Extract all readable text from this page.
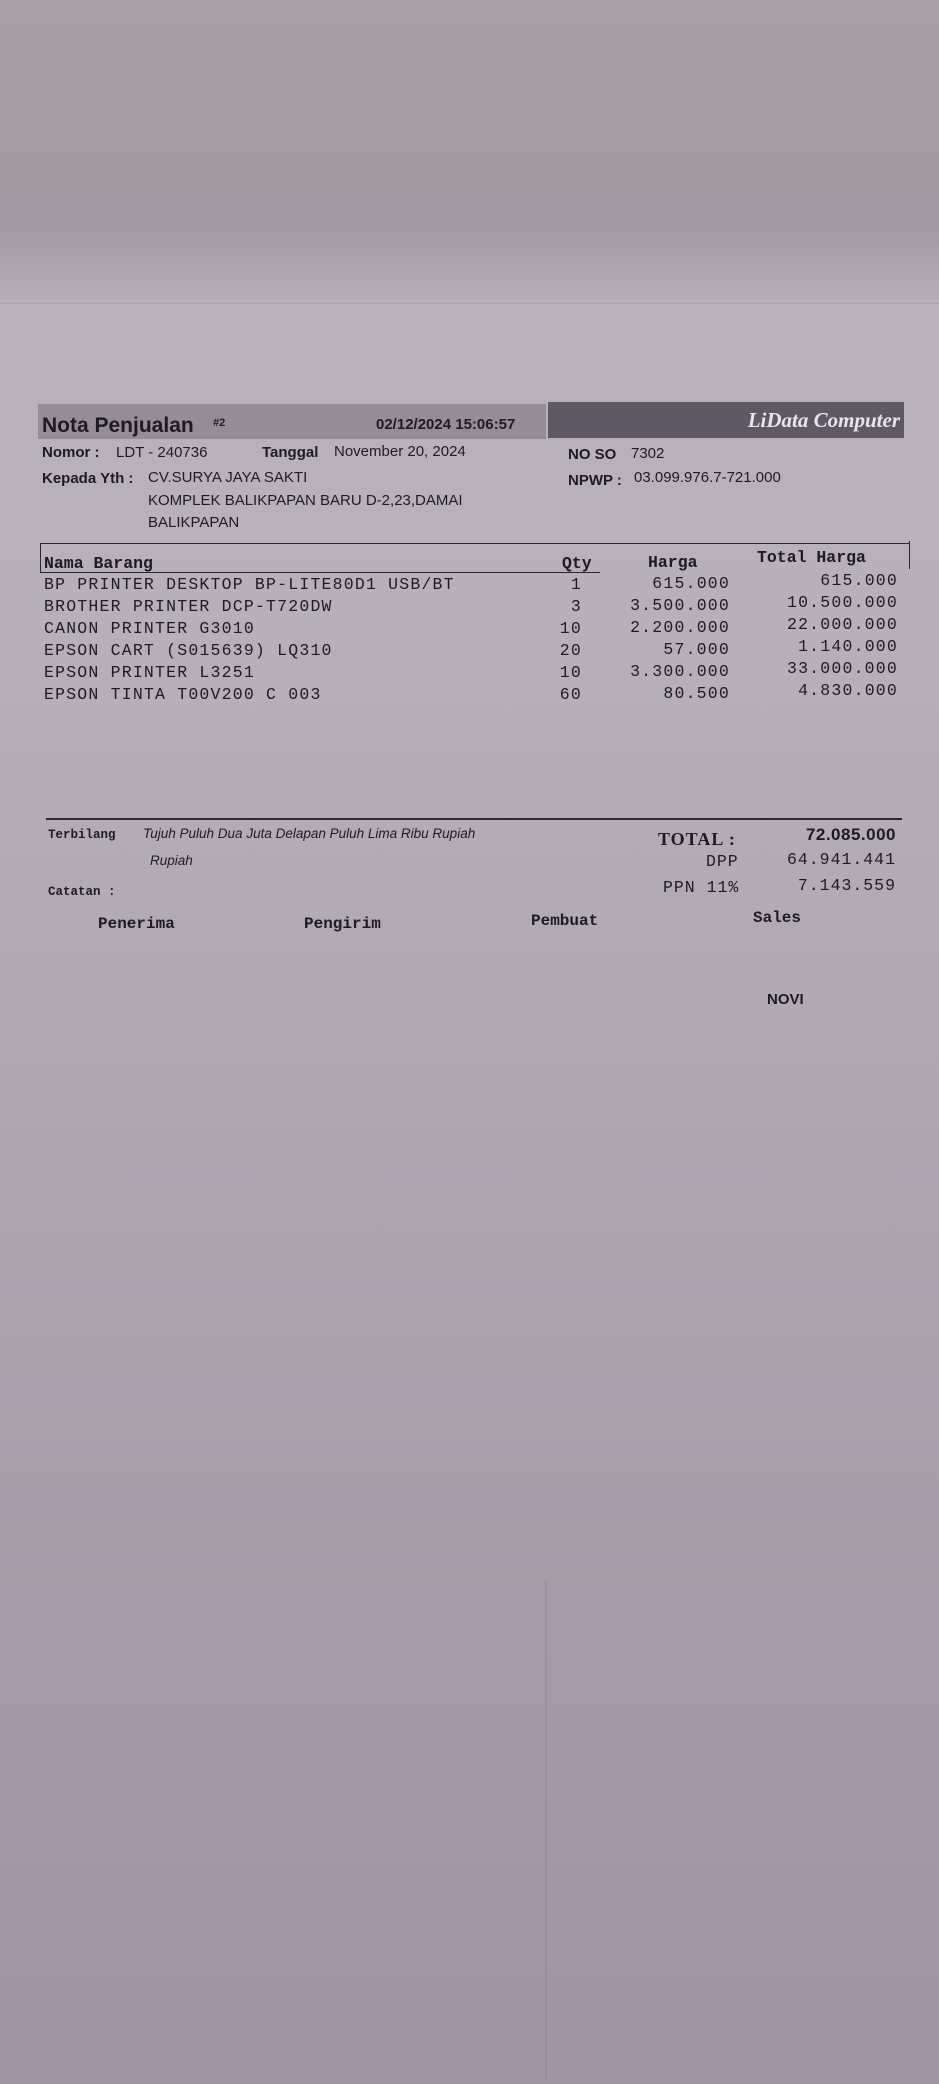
Nota Penjualan #2	02/12/2024 15:06:57	LiData Computer
Nomor : LDT - 240736	Tanggal November 20, 2024	NO SO 7302
Kepada Yth : CV.SURYA JAYA SAKTI
KOMPLEK BALIKPAPAN BARU D-2,23,DAMAI
BALIKPAPAN
NPWP : 03.099.976.7-721.000
Nama Barang	Qty	Harga	Total Harga
BP PRINTER DESKTOP BP-LITE80D1 USB/BT	1	615.000	615.000
BROTHER PRINTER DCP-T720DW	3	3.500.000	10.500.000
CANON PRINTER G3010	10	2.200.000	22.000.000
EPSON CART (S015639) LQ310	20	57.000	1.140.000
EPSON PRINTER L3251	10	3.300.000	33.000.000
EPSON TINTA T00V200 C 003	60	80.500	4.830.000
Terbilang Tujuh Puluh Dua Juta Delapan Puluh Lima Ribu Rupiah
Rupiah
Catatan :
TOTAL :	72.085.000
DPP	64.941.441
PPN 11%	7.143.559
Penerima	Pengirim	Pembuat	Sales
NOVI
